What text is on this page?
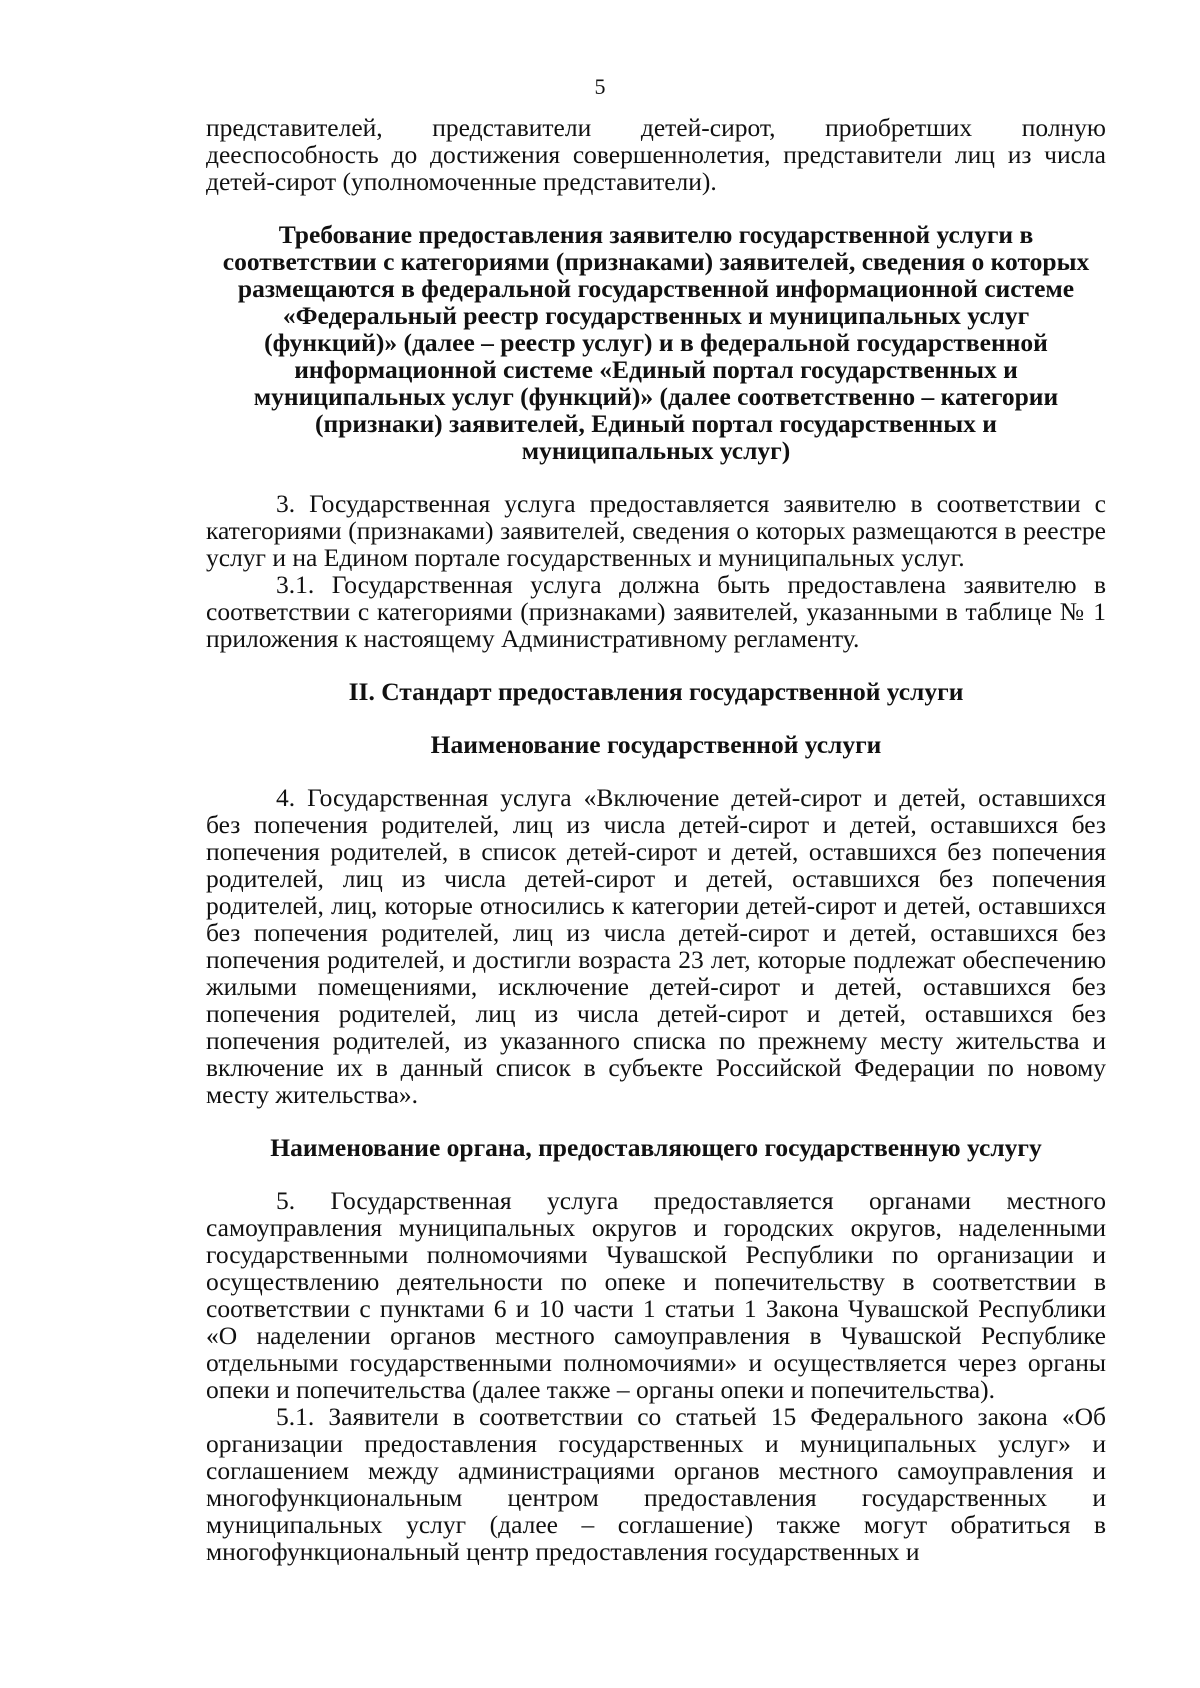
5

представителей, представители детей-сирот, приобретших полную дееспособность до достижения совершеннолетия, представители лиц из числа детей-сирот (уполномоченные представители).

Требование предоставления заявителю государственной услуги в соответствии с категориями (признаками) заявителей, сведения о которых размещаются в федеральной государственной информационной системе «Федеральный реестр государственных и муниципальных услуг (функций)» (далее – реестр услуг) и в федеральной государственной информационной системе «Единый портал государственных и муниципальных услуг (функций)» (далее соответственно – категории (признаки) заявителей, Единый портал государственных и муниципальных услуг)

3. Государственная услуга предоставляется заявителю в соответствии с категориями (признаками) заявителей, сведения о которых размещаются в реестре услуг и на Едином портале государственных и муниципальных услуг.

3.1. Государственная услуга должна быть предоставлена заявителю в соответствии с категориями (признаками) заявителей, указанными в таблице № 1 приложения к настоящему Административному регламенту.

II. Стандарт предоставления государственной услуги
Наименование государственной услуги

4. Государственная услуга «Включение детей-сирот и детей, оставшихся без попечения родителей, лиц из числа детей-сирот и детей, оставшихся без попечения родителей, в список детей-сирот и детей, оставшихся без попечения родителей, лиц из числа детей-сирот и детей, оставшихся без попечения родителей, лиц, которые относились к категории детей-сирот и детей, оставшихся без попечения родителей, лиц из числа детей-сирот и детей, оставшихся без попечения родителей, и достигли возраста 23 лет, которые подлежат обеспечению жилыми помещениями, исключение детей-сирот и детей, оставшихся без попечения родителей, лиц из числа детей-сирот и детей, оставшихся без попечения родителей, из указанного списка по прежнему месту жительства и включение их в данный список в субъекте Российской Федерации по новому месту жительства».

Наименование органа, предоставляющего государственную услугу

5. Государственная услуга предоставляется органами местного самоуправления муниципальных округов и городских округов, наделенными государственными полномочиями Чувашской Республики по организации и осуществлению деятельности по опеке и попечительству в соответствии в соответствии с пунктами 6 и 10 части 1 статьи 1 Закона Чувашской Республики «О наделении органов местного самоуправления в Чувашской Республике отдельными государственными полномочиями» и осуществляется через органы опеки и попечительства (далее также – органы опеки и попечительства).

5.1. Заявители в соответствии со статьей 15 Федерального закона «Об организации предоставления государственных и муниципальных услуг» и соглашением между администрациями органов местного самоуправления и многофункциональным центром предоставления государственных и муниципальных услуг (далее – соглашение) также могут обратиться в многофункциональный центр предоставления государственных и
